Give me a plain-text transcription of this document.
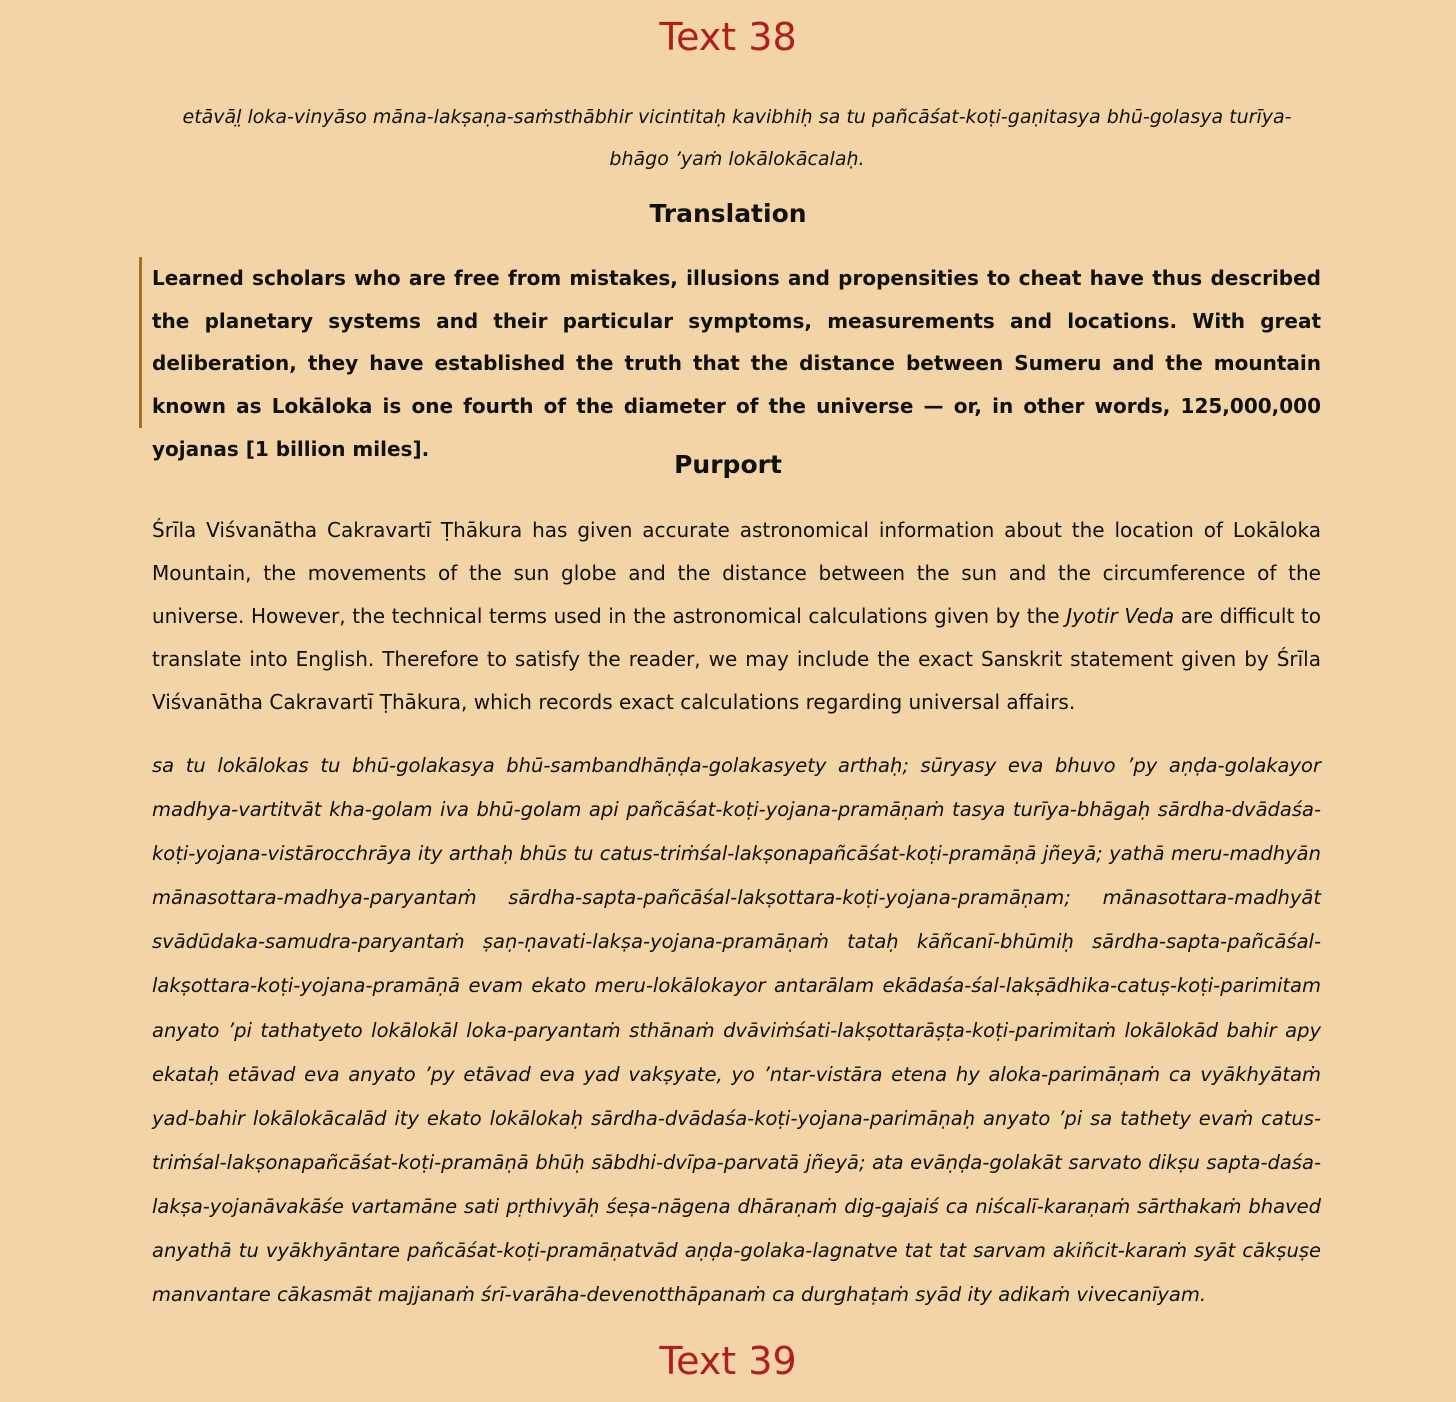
Text 38
etāvāl̤ loka-vinyāso māna-lakṣaṇa-saṁsthābhir vicintitaḥ kavibhiḥ sa tu pañcāśat-koṭi-gaṇitasya bhū-golasya turīya-bhāgo ’yaṁ lokālokācalaḥ.
Translation
Learned scholars who are free from mistakes, illusions and propensities to cheat have thus described the planetary systems and their particular symptoms, measurements and locations. With great deliberation, they have established the truth that the distance between Sumeru and the mountain known as Lokāloka is one fourth of the diameter of the universe — or, in other words, 125,000,000 yojanas [1 billion miles].
Purport
Śrīla Viśvanātha Cakravartī Ṭhākura has given accurate astronomical information about the location of Lokāloka Mountain, the movements of the sun globe and the distance between the sun and the circumference of the universe. However, the technical terms used in the astronomical calculations given by the Jyotir Veda are difficult to translate into English. Therefore to satisfy the reader, we may include the exact Sanskrit statement given by Śrīla Viśvanātha Cakravartī Ṭhākura, which records exact calculations regarding universal affairs.
sa tu lokālokas tu bhū-golakasya bhū-sambandhāṇḍa-golakasyety arthaḥ; sūryasy eva bhuvo ’py aṇḍa-golakayor madhya-vartitvāt kha-golam iva bhū-golam api pañcāśat-koṭi-yojana-pramāṇaṁ tasya turīya-bhāgaḥ sārdha-dvādaśa-koṭi-yojana-vistārocchrāya ity arthaḥ bhūs tu catus-triṁśal-lakṣonapañcāśat-koṭi-pramāṇā jñeyā; yathā meru-madhyān mānasottara-madhya-paryantaṁ sārdha-sapta-pañcāśal-lakṣottara-koṭi-yojana-pramāṇam; mānasottara-madhyāt svādūdaka-samudra-paryantaṁ ṣaṇ-ṇavati-lakṣa-yojana-pramāṇaṁ tataḥ kāñcanī-bhūmiḥ sārdha-sapta-pañcāśal-lakṣottara-koṭi-yojana-pramāṇā evam ekato meru-lokālokayor antarālam ekādaśa-śal-lakṣādhika-catuṣ-koṭi-parimitam anyato ’pi tathatyeto lokālokāl loka-paryantaṁ sthānaṁ dvāviṁśati-lakṣottarāṣṭa-koṭi-parimitaṁ lokālokād bahir apy ekataḥ etāvad eva anyato ’py etāvad eva yad vakṣyate, yo ’ntar-vistāra etena hy aloka-parimāṇaṁ ca vyākhyātaṁ yad-bahir lokālokācalād ity ekato lokālokaḥ sārdha-dvādaśa-koṭi-yojana-parimāṇaḥ anyato ’pi sa tathety evaṁ catus-triṁśal-lakṣonapañcāśat-koṭi-pramāṇā bhūḥ sābdhi-dvīpa-parvatā jñeyā; ata evāṇḍa-golakāt sarvato dikṣu sapta-daśa-lakṣa-yojanāvakāśe vartamāne sati pṛthivyāḥ śeṣa-nāgena dhāraṇaṁ dig-gajaiś ca niścalī-karaṇaṁ sārthakaṁ bhaved anyathā tu vyākhyāntare pañcāśat-koṭi-pramāṇatvād aṇḍa-golaka-lagnatve tat tat sarvam akiñcit-karaṁ syāt cākṣuṣe manvantare cākasmāt majjanaṁ śrī-varāha-devenotthāpanaṁ ca durghaṭaṁ syād ity adikaṁ vivecanīyam.
Text 39
